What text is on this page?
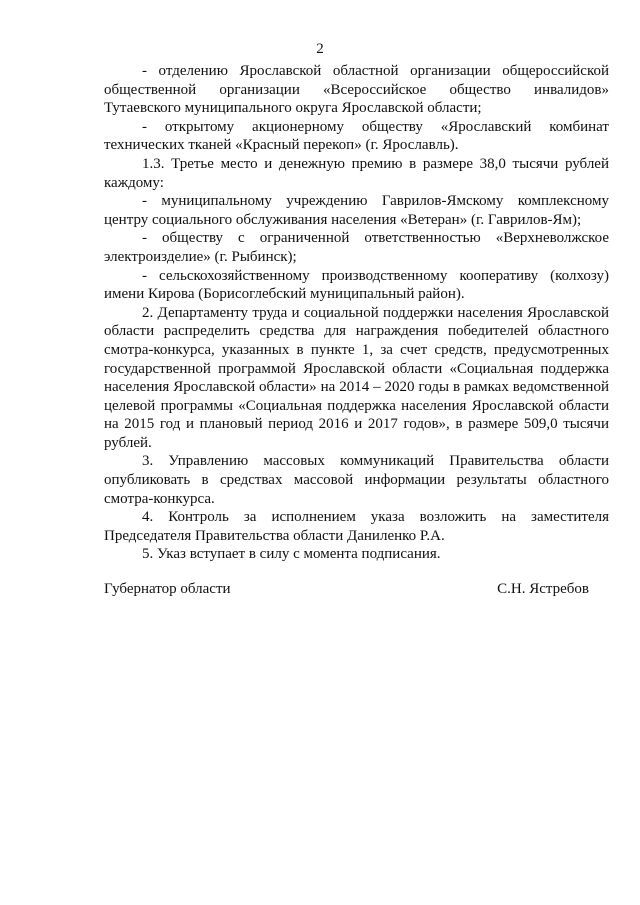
2

- отделению Ярославской областной организации общероссийской общественной организации «Всероссийское общество инвалидов» Тутаевского муниципального округа Ярославской области;

- открытому акционерному обществу «Ярославский комбинат технических тканей «Красный перекоп» (г. Ярославль).

1.3. Третье место и денежную премию в размере 38,0 тысячи рублей каждому:

- муниципальному учреждению Гаврилов-Ямскому комплексному центру социального обслуживания населения «Ветеран» (г. Гаврилов-Ям);

- обществу с ограниченной ответственностью «Верхневолжское электроизделие» (г. Рыбинск);

- сельскохозяйственному производственному кооперативу (колхозу) имени Кирова (Борисоглебский муниципальный район).

2. Департаменту труда и социальной поддержки населения Ярославской области распределить средства для награждения победителей областного смотра-конкурса, указанных в пункте 1, за счет средств, предусмотренных государственной программой Ярославской области «Социальная поддержка населения Ярославской области» на 2014 – 2020 годы в рамках ведомственной целевой программы «Социальная поддержка населения Ярославской области на 2015 год и плановый период 2016 и 2017 годов», в размере 509,0 тысячи рублей.

3. Управлению массовых коммуникаций Правительства области опубликовать в средствах массовой информации результаты областного смотра-конкурса.

4. Контроль за исполнением указа возложить на заместителя Председателя Правительства области Даниленко Р.А.

5. Указ вступает в силу с момента подписания.

Губернатор области	С.Н. Ястребов
